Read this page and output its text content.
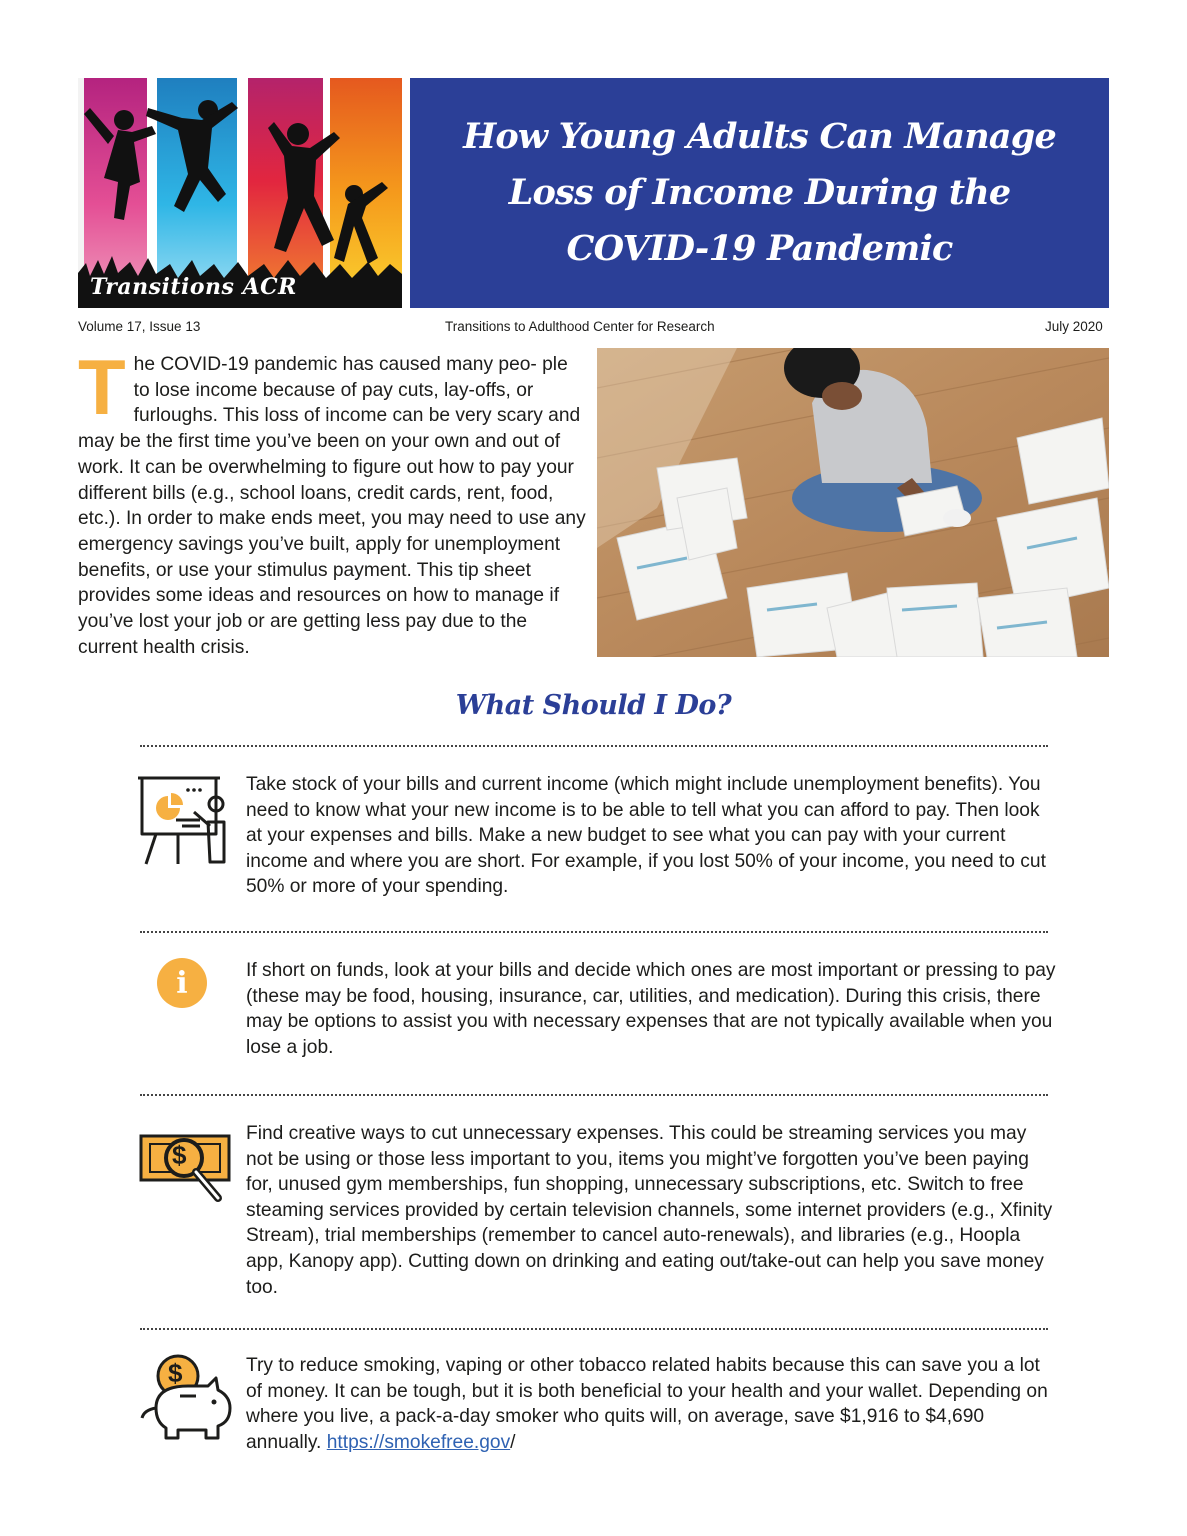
Transitions ACR
How Young Adults Can Manage Loss of Income During the COVID-19 Pandemic
Volume 17, Issue 13	Transitions to Adulthood Center for Research	July 2020

The COVID-19 pandemic has caused many peo- ple to lose income because of pay cuts, lay-offs, or furloughs. This loss of income can be very scary and may be the first time you’ve been on your own and out of work. It can be overwhelming to figure out how to pay your different bills (e.g., school loans, credit cards, rent, food, etc.). In order to make ends meet, you may need to use any emergency savings you’ve built, apply for unemployment benefits, or use your stimulus payment. This tip sheet provides some ideas and resources on how to manage if you’ve lost your job or are getting less pay due to the current health crisis.

What Should I Do?

Take stock of your bills and current income (which might include unemployment benefits). You need to know what your new income is to be able to tell what you can afford to pay. Then look at your expenses and bills. Make a new budget to see what you can pay with your current income and where you are short. For example, if you lost 50% of your income, you need to cut 50% or more of your spending.

i	If short on funds, look at your bills and decide which ones are most important or pressing to pay (these may be food, housing, insurance, car, utilities, and medication). During this crisis, there may be options to assist you with necessary expenses that are not typically available when you lose a job.

$

Find creative ways to cut unnecessary expenses. This could be streaming services you may not be using or those less important to you, items you might’ve forgotten you’ve been paying for, unused gym memberships, fun shopping, unnecessary subscriptions, etc. Switch to free steaming services provided by certain television channels, some internet providers (e.g., Xfinity Stream), trial memberships (remember to cancel auto-renewals), and libraries (e.g., Hoopla app, Kanopy app). Cutting down on drinking and eating out/take-out can help you save money too.

$	Try to reduce smoking, vaping or other tobacco related habits because this can save you a lot of money. It can be tough, but it is both beneficial to your health and your wallet. Depending on where you live, a pack-a-day smoker who quits will, on average, save $1,916 to $4,690 annually. https://smokefree.gov/
